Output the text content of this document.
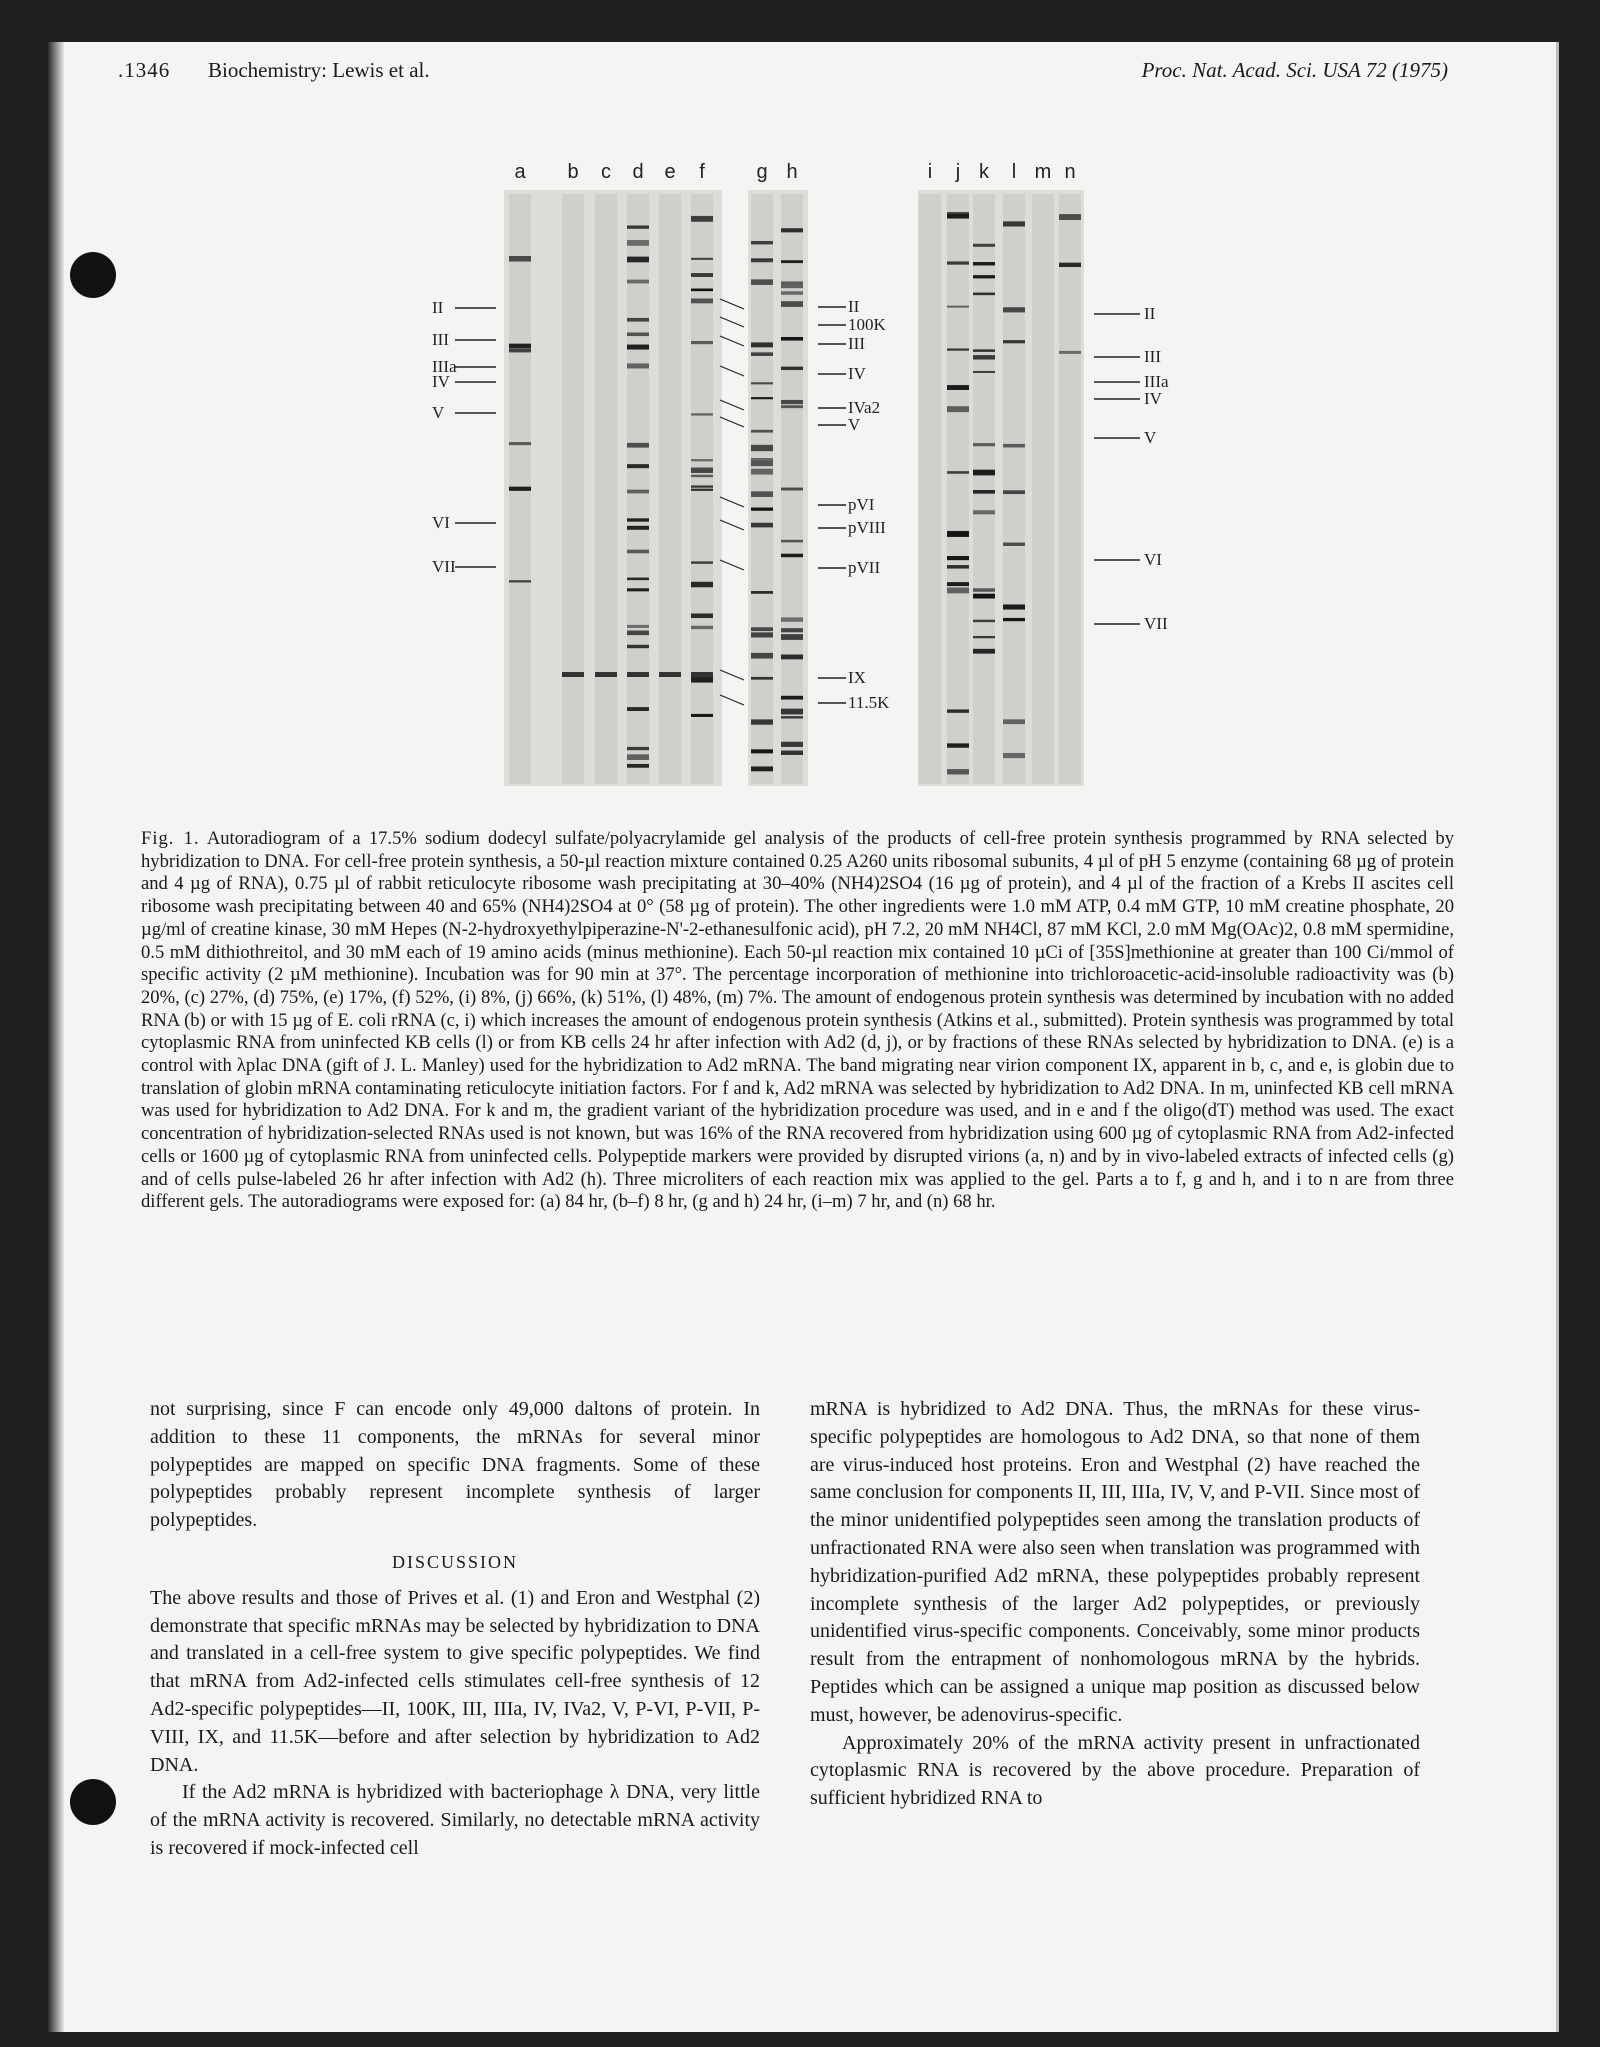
.1346 Biochemistry: Lewis et al.	Proc. Nat. Acad. Sci. USA 72 (1975)
a b c d e f	g h	i j k l m n
II
III
IIIa
IV
V
VI
VII
II
100K
III
IV
IVa2
V
pVI
pVIII
pVII
IX
11.5K
II
III
IIIa
IV
V
VI
VII
Fig. 1. Autoradiogram of a 17.5% sodium dodecyl sulfate/polyacrylamide gel analysis of the products of cell-free protein synthesis programmed by RNA selected by hybridization to DNA. For cell-free protein synthesis, a 50-µl reaction mixture contained 0.25 A260 units ribosomal subunits, 4 µl of pH 5 enzyme (containing 68 µg of protein and 4 µg of RNA), 0.75 µl of rabbit reticulocyte ribosome wash precipitating at 30–40% (NH4)2SO4 (16 µg of protein), and 4 µl of the fraction of a Krebs II ascites cell ribosome wash precipitating between 40 and 65% (NH4)2SO4 at 0° (58 µg of protein). The other ingredients were 1.0 mM ATP, 0.4 mM GTP, 10 mM creatine phosphate, 20 µg/ml of creatine kinase, 30 mM Hepes (N-2-hydroxyethylpiperazine-N'-2-ethanesulfonic acid), pH 7.2, 20 mM NH4Cl, 87 mM KCl, 2.0 mM Mg(OAc)2, 0.8 mM spermidine, 0.5 mM dithiothreitol, and 30 mM each of 19 amino acids (minus methionine). Each 50-µl reaction mix contained 10 µCi of [35S]methionine at greater than 100 Ci/mmol of specific activity (2 µM methionine). Incubation was for 90 min at 37°. The percentage incorporation of methionine into trichloroacetic-acid-insoluble radioactivity was (b) 20%, (c) 27%, (d) 75%, (e) 17%, (f) 52%, (i) 8%, (j) 66%, (k) 51%, (l) 48%, (m) 7%. The amount of endogenous protein synthesis was determined by incubation with no added RNA (b) or with 15 µg of E. coli rRNA (c, i) which increases the amount of endogenous protein synthesis (Atkins et al., submitted). Protein synthesis was programmed by total cytoplasmic RNA from uninfected KB cells (l) or from KB cells 24 hr after infection with Ad2 (d, j), or by fractions of these RNAs selected by hybridization to DNA. (e) is a control with λplac DNA (gift of J. L. Manley) used for the hybridization to Ad2 mRNA. The band migrating near virion component IX, apparent in b, c, and e, is globin due to translation of globin mRNA contaminating reticulocyte initiation factors. For f and k, Ad2 mRNA was selected by hybridization to Ad2 DNA. In m, uninfected KB cell mRNA was used for hybridization to Ad2 DNA. For k and m, the gradient variant of the hybridization procedure was used, and in e and f the oligo(dT) method was used. The exact concentration of hybridization-selected RNAs used is not known, but was 16% of the RNA recovered from hybridization using 600 µg of cytoplasmic RNA from Ad2-infected cells or 1600 µg of cytoplasmic RNA from uninfected cells. Polypeptide markers were provided by disrupted virions (a, n) and by in vivo-labeled extracts of infected cells (g) and of cells pulse-labeled 26 hr after infection with Ad2 (h). Three microliters of each reaction mix was applied to the gel. Parts a to f, g and h, and i to n are from three different gels. The autoradiograms were exposed for: (a) 84 hr, (b–f) 8 hr, (g and h) 24 hr, (i–m) 7 hr, and (n) 68 hr.

not surprising, since F can encode only 49,000 daltons of protein. In addition to these 11 components, the mRNAs for several minor polypeptides are mapped on specific DNA fragments. Some of these polypeptides probably represent incomplete synthesis of larger polypeptides.

DISCUSSION

The above results and those of Prives et al. (1) and Eron and Westphal (2) demonstrate that specific mRNAs may be selected by hybridization to DNA and translated in a cell-free system to give specific polypeptides. We find that mRNA from Ad2-infected cells stimulates cell-free synthesis of 12 Ad2-specific polypeptides—II, 100K, III, IIIa, IV, IVa2, V, P-VI, P-VII, P-VIII, IX, and 11.5K—before and after selection by hybridization to Ad2 DNA.

If the Ad2 mRNA is hybridized with bacteriophage λ DNA, very little of the mRNA activity is recovered. Similarly, no detectable mRNA activity is recovered if mock-infected cell

mRNA is hybridized to Ad2 DNA. Thus, the mRNAs for these virus-specific polypeptides are homologous to Ad2 DNA, so that none of them are virus-induced host proteins. Eron and Westphal (2) have reached the same conclusion for components II, III, IIIa, IV, V, and P-VII. Since most of the minor unidentified polypeptides seen among the translation products of unfractionated RNA were also seen when translation was programmed with hybridization-purified Ad2 mRNA, these polypeptides probably represent incomplete synthesis of the larger Ad2 polypeptides, or previously unidentified virus-specific components. Conceivably, some minor products result from the entrapment of nonhomologous mRNA by the hybrids. Peptides which can be assigned a unique map position as discussed below must, however, be adenovirus-specific.

Approximately 20% of the mRNA activity present in unfractionated cytoplasmic RNA is recovered by the above procedure. Preparation of sufficient hybridized RNA to
